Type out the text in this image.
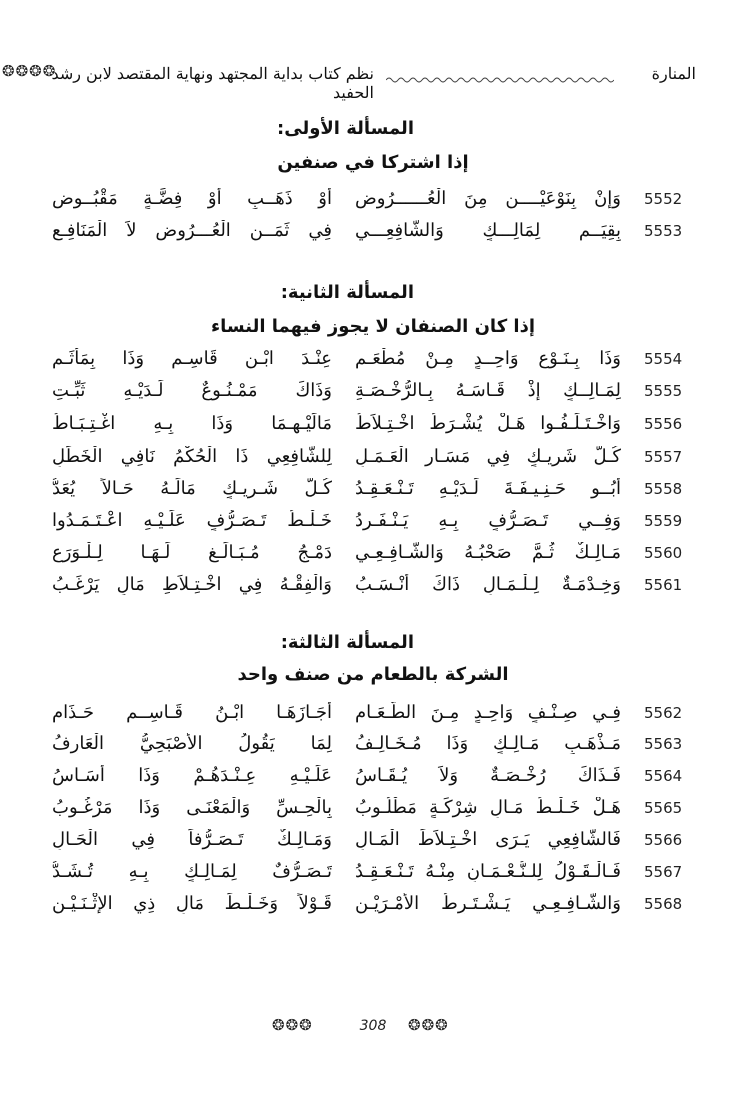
❂❂❂❂
نظم كتاب بداية المجتهد ونهاية المقتصد لابن رشد الحفيد
المنارة
المسألة الأولى:
إذا اشتركا في صنفين
5552
وَإنْ بِنَوْعَيْــــن مِنَ الْعُــــــرُوضِ
أَوْ ذَهَــبٍ أَوْ فِضَّـةٍ مَقْبُــوضٍ
5553
بِقِيَــمٍ لِمَالِـــكٍ وَالشَّافِعِـــي
فِي ثَمَــنِ الْعُـــرُوضِ لاَ الْمَنَافِـعِ
المسألة الثانية:
إذا كان الصنفان لا يجوز فيهما النساء
5554
وَذَا بِـنَـوْعٍ وَاحِــدٍ مِـنْ مُطْعَـمِ
عِنْـدَ ابْـنِ قَاسِـمٍ وَذَا بِمَأْثَـمِ
5555
لِمَـالِــكٍ إِذْ قَـاسَـهُ بِـالرُّخْـصَـةِ
وَذَاكَ مَمْـنُـوعٌ لَـدَيْـهِ ثَبِّـتِ
5556
وَاخْـتَـلَـفُـوا هَـلْ يُشْـرَطُ اخْـتِـلاَطُ
مَالَيْـهِـمَا وَذَا بِـهِ اغْـتِـبَـاطُ
5557
كُـلُّ شَرِيـكٍ فِي مَسَـارِ الْعَـمَـلِ
لِلشَّافِعِي ذَا الْحُكْمُ نَافِي الْخَطَلِ
5558
أَبُــو حَـنِـيـفَـةَ لَـدَيْـهِ تَـنْـعَـقِـدُ
كُـلُّ شَـرِيـكٍ مَالَـهُ حَـالاً يُعَدُّ
5559
وَفِــي تَـصَـرُّفٍ بِـهِ يَـنْـفَـرِدُ
خَـلْـطُ تَـصَـرُّفٍ عَلَـيْـهِ اعْـتَـمَـدُوا
5560
مَـالِـكٌ ثُـمَّ صَحْبُـهُ وَالشَّـافِـعِـي
دَمْـجُ مُـبَـالَـغٍ لَـهَـا لِـلْـوَرَعِ
5561
وَخِـدْمَـةٌ لِـلْـمَـالِ ذَاكَ أَنْـسَـبُ
وَالْفِقْـهُ فِي اخْـتِـلاَطِ مَالٍ يَرْغَـبُ
المسألة الثالثة:
الشركة بالطعام من صنف واحد
5562
فِـي صِـنْـفٍ وَاحِـدٍ مِـنَ الطَّـعَـامِ
أَجَـازَهَـا ابْـنُ قَـاسِــمٍ حَـذَامِ
5563
مَـذْهَـبِ مَـالِـكٍ وَذَا مُـخَـالِـفُ
لِمَا يَقُولُ الأَصْبَحِيُّ الْعَارِفُ
5564
فَـذَاكَ رُخْـصَـةٌ وَلاَ يُـقَـاسُ
عَلَـيْـهِ عِـنْـدَهُـمْ وَذَا أَسَـاسُ
5565
هَـلْ خَـلْـطُ مَـالِ شِرْكَـةٍ مَطْلُـوبُ
بِالْحِـسِّ وَالْمَعْنَـى وَذَا مَرْغُـوبُ
5566
فَالشَّافِعِي يَـرَى اخْـتِـلاَطَ الْمَـالِ
وَمَـالِـكٌ تَـصَـرُّفاً فِي الْحَـالِ
5567
فَـالْـقَـوْلُ لِلـنُّـعْـمَـانِ مِنْـهُ تَـنْـعَـقِـدُ
تَـصَـرُّفٌ لِمَـالِـكٍ بِـهِ تُـشَـدُّ
5568
وَالشَّـافِـعِـي يَـشْـتَـرِطُ الأَمْـرَيْـنِ
قَـوْلاً وَخَـلْـطَ مَالِ ذِي الإِثْـنَـيْـنِ
❂❂❂	308	❂❂❂
